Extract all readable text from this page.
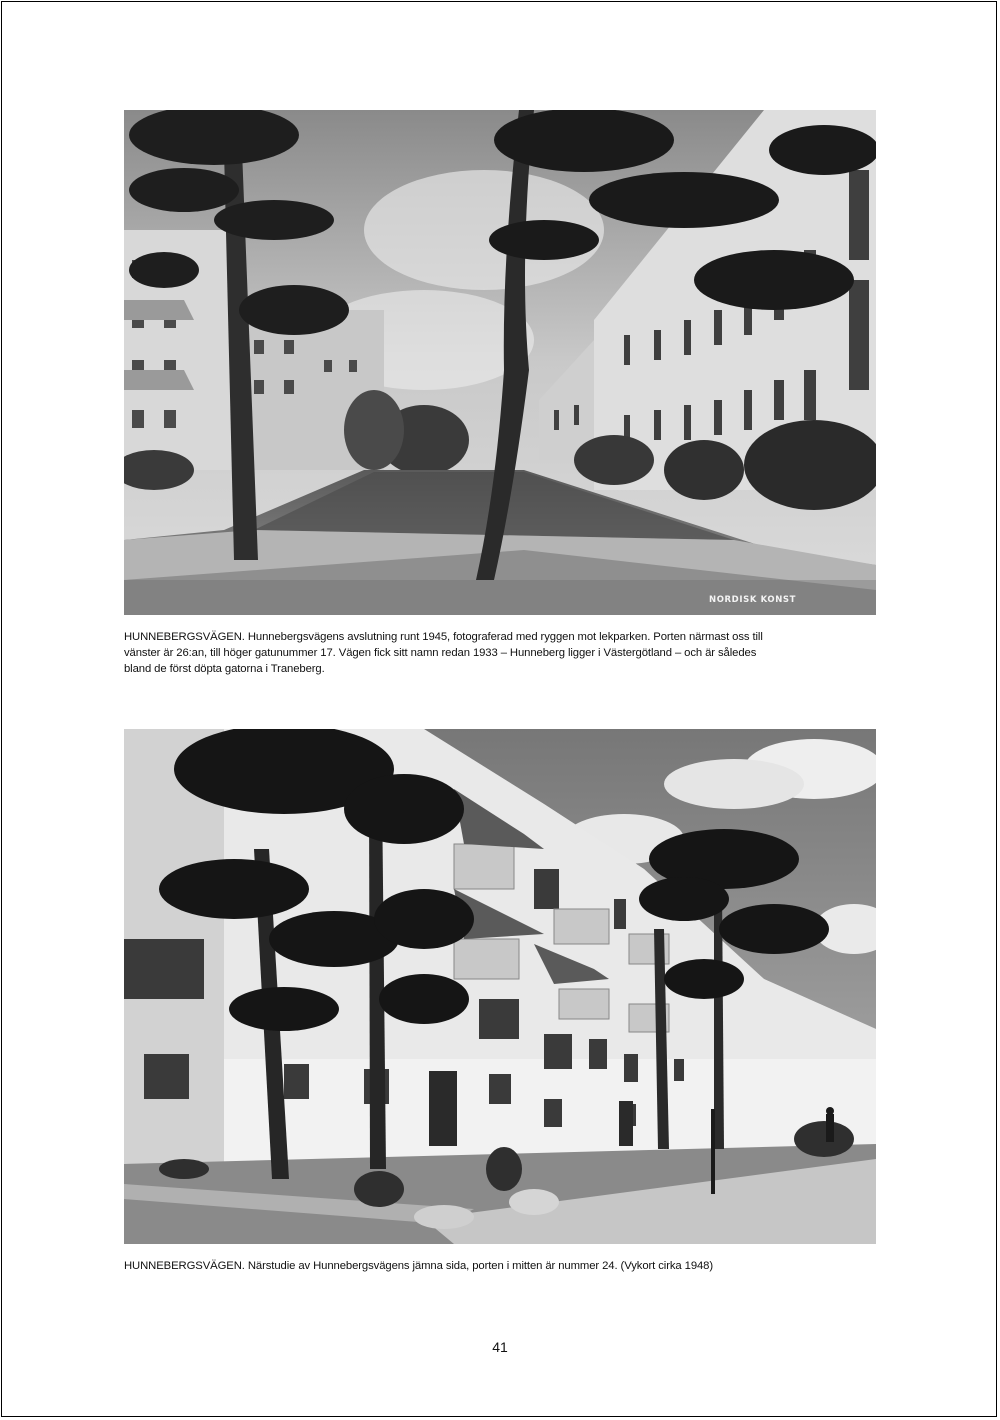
NORDISK KONST
HUNNEBERGSVÄGEN. Hunnebergsvägens avslutning runt 1945, fotograferad med ryggen mot lekparken. Porten närmast oss till vänster är 26:an, till höger gatunummer 17. Vägen fick sitt namn redan 1933 – Hunneberg ligger i Västergötland – och är således bland de först döpta gatorna i Traneberg.
HUNNEBERGSVÄGEN. Närstudie av Hunnebergsvägens jämna sida, porten i mitten är nummer 24. (Vykort cirka 1948)
41
